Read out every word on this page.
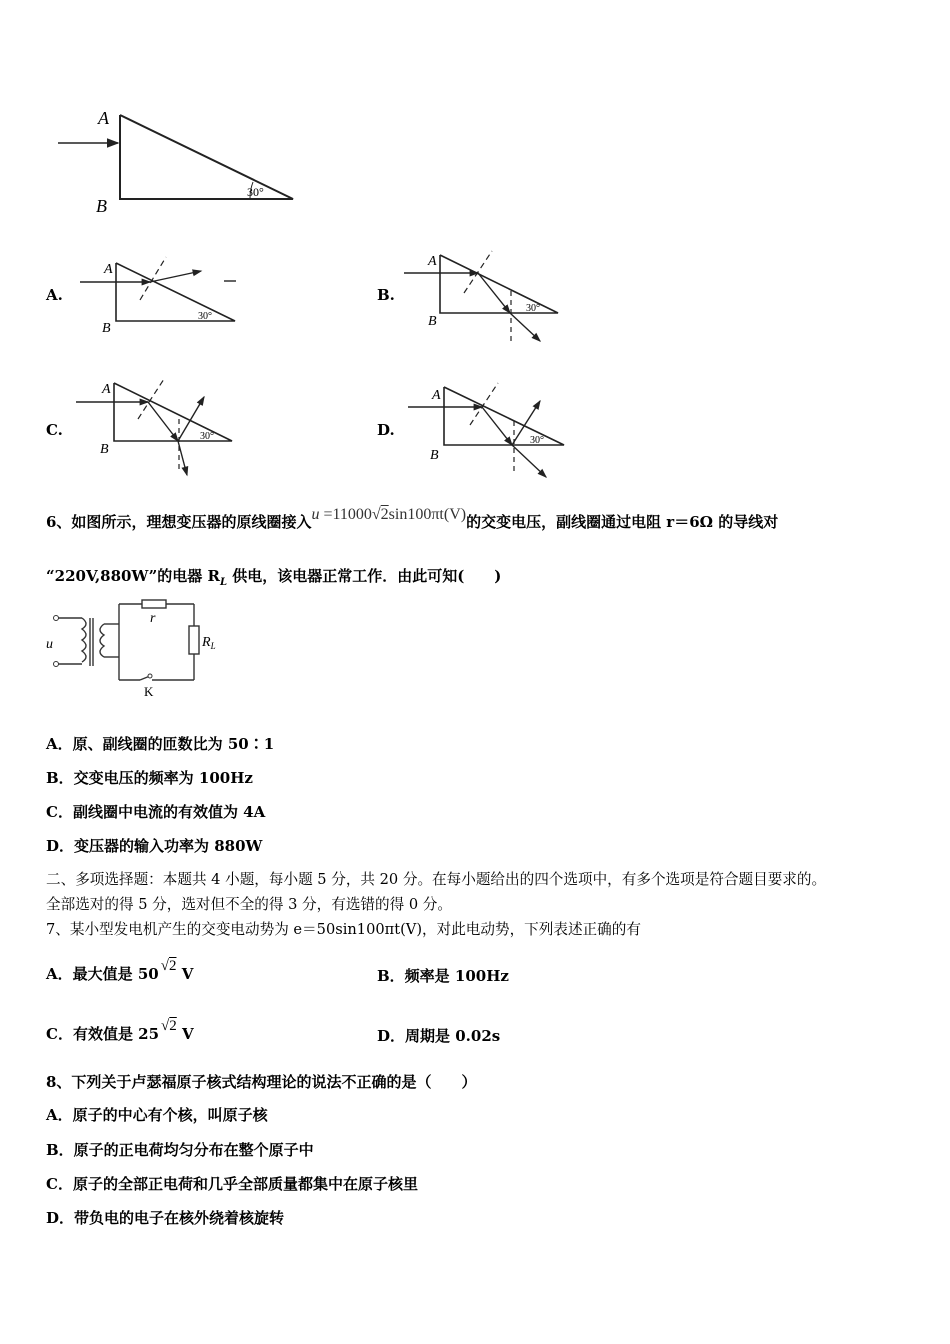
A
B
30°
A.
A
B
30°
B.
A
B
30°
C.
A
B
30°	D.
A
B
30°
6、如图所示，理想变压器的原线圈接入u =11000√2sin100πt(V)的交变电压，副线圈通过电阻 r＝6Ω 的导线对
“220V,880W”的电器 $R_L$ 供电，该电器正常工作．由此可知(　　)
r
$R_L$
u
K
A．原、副线圈的匝数比为 50∶1
B．交变电压的频率为 100Hz
C．副线圈中电流的有效值为 4A
D．变压器的输入功率为 880W
二、多项选择题：本题共 4 小题，每小题 5 分，共 20 分。在每小题给出的四个选项中，有多个选项是符合题目要求的。
全部选对的得 5 分，选对但不全的得 3 分，有选错的得 0 分。
7、某小型发电机产生的交变电动势为 e＝50sin100πt(V)，对此电动势，下列表述正确的有
A．最大值是 50 √2 V	B．频率是 100Hz
C．有效值是 25 √2 V	D．周期是 0.02s
8、下列关于卢瑟福原子核式结构理论的说法不正确的是（　　）
A．原子的中心有个核，叫原子核
B．原子的正电荷均匀分布在整个原子中
C．原子的全部正电荷和几乎全部质量都集中在原子核里
D．带负电的电子在核外绕着核旋转
